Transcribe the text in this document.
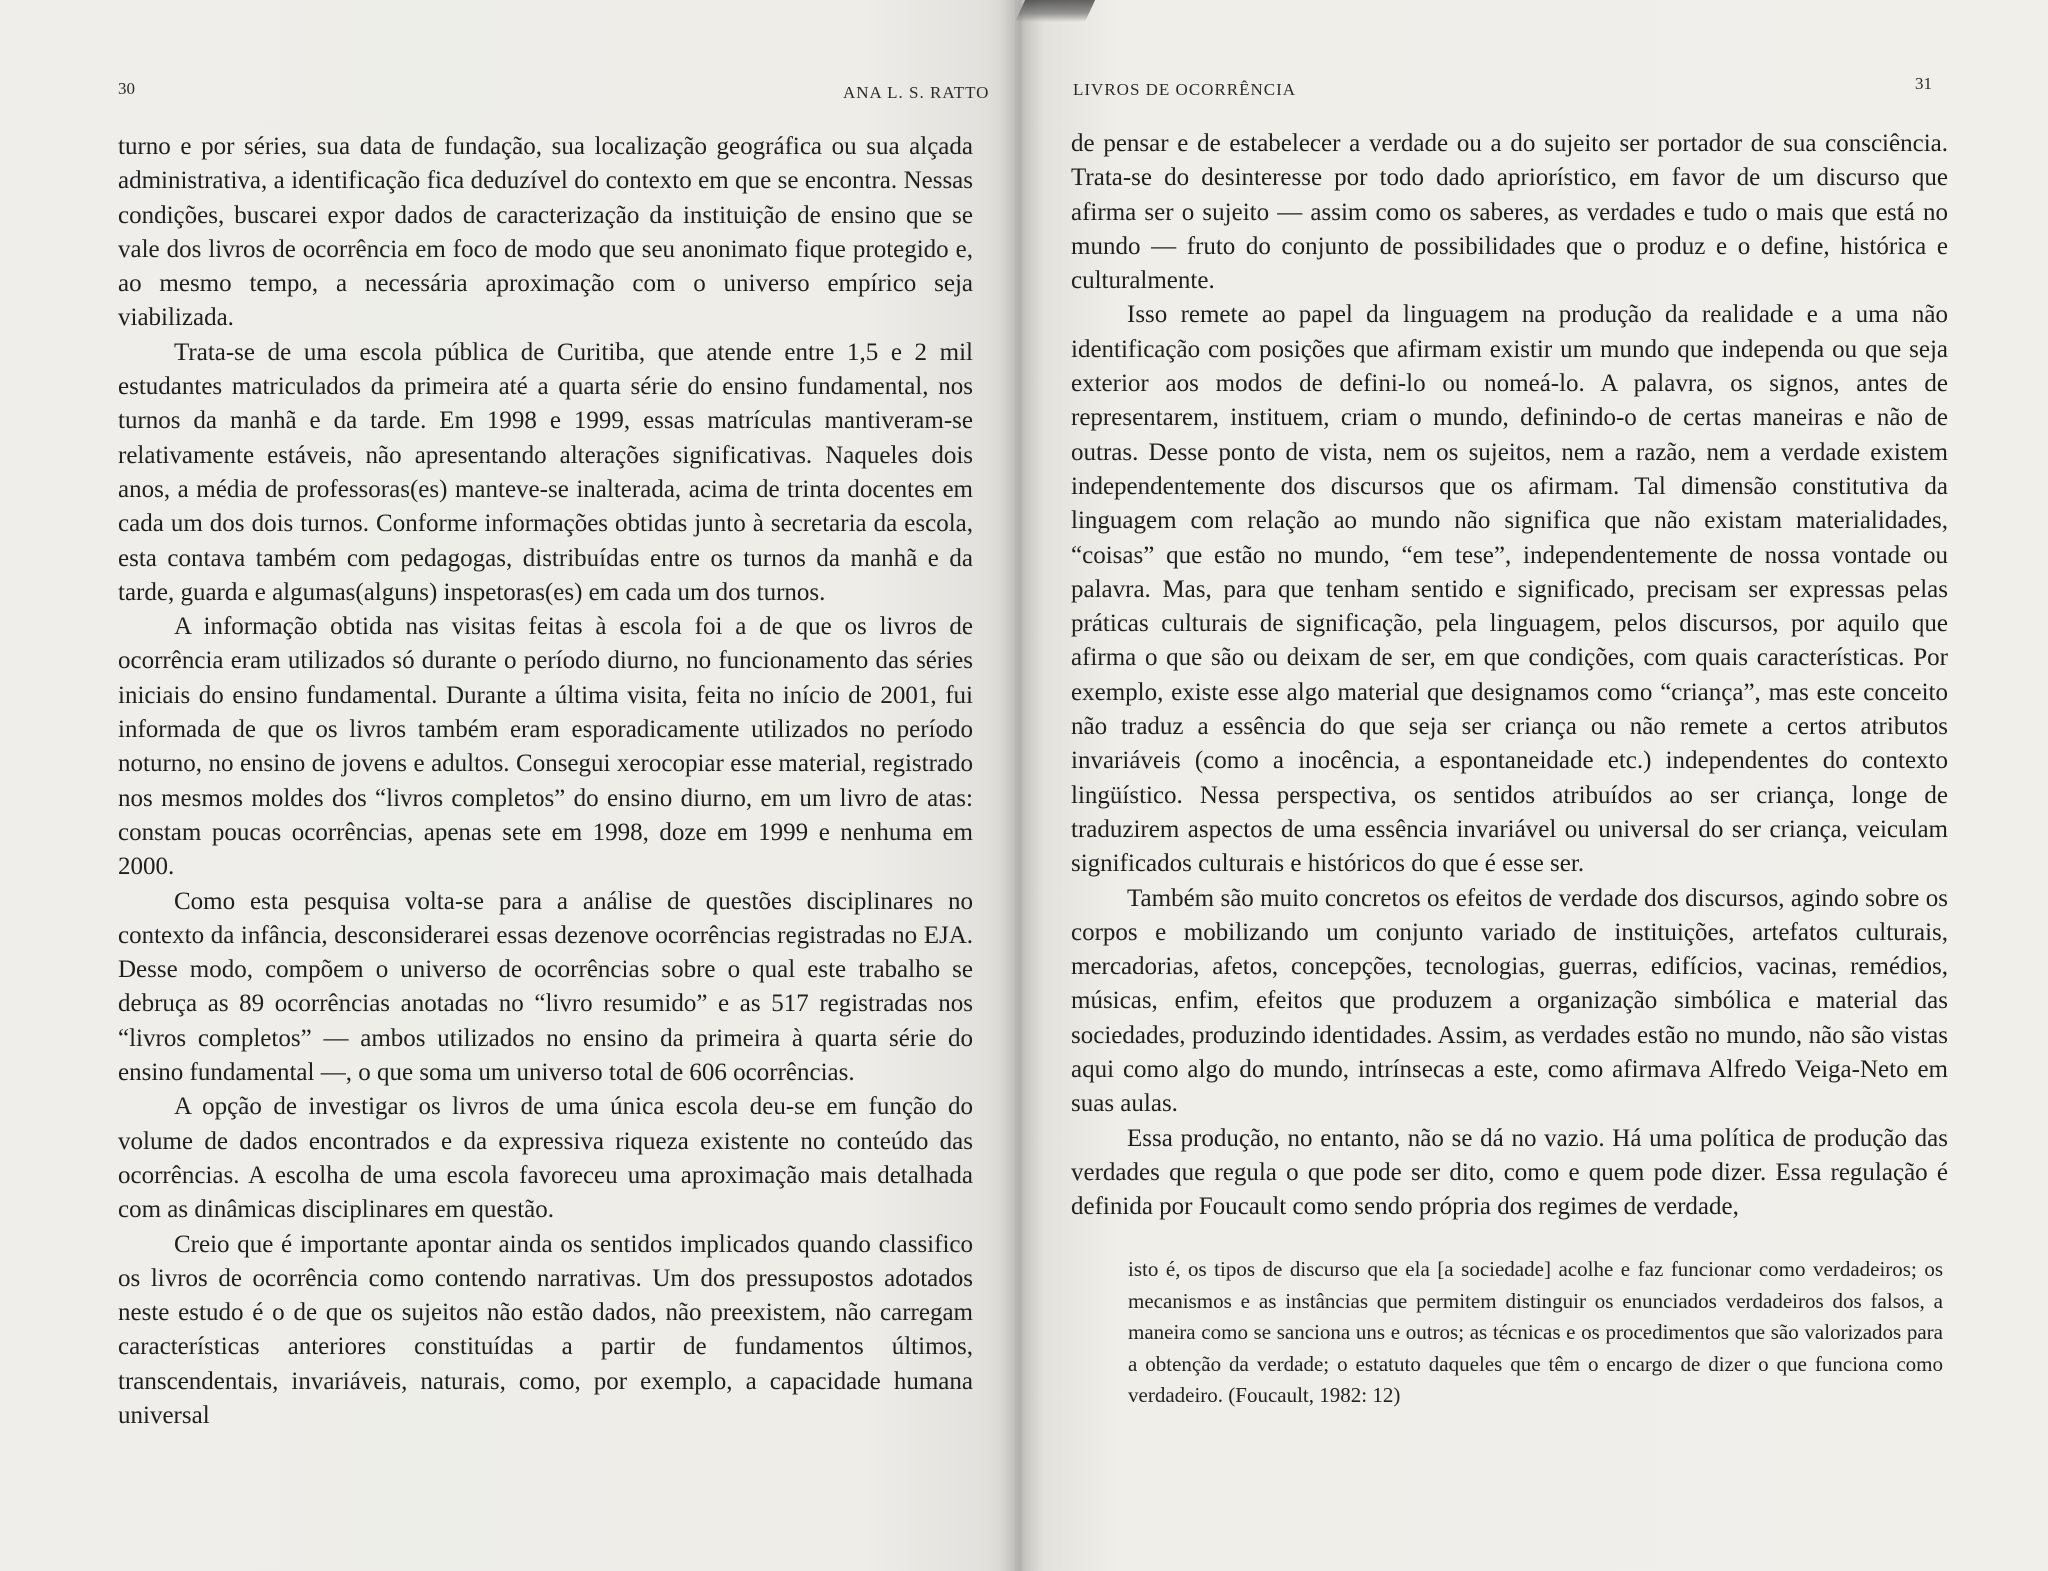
30	ANA L. S. RATTO

turno e por séries, sua data de fundação, sua localização geográfica ou sua alçada administrativa, a identificação fica deduzível do contexto em que se encontra. Nessas condições, buscarei expor dados de caracterização da instituição de ensino que se vale dos livros de ocorrência em foco de modo que seu anonimato fique protegido e, ao mesmo tempo, a necessária aproximação com o universo empírico seja viabilizada.

Trata-se de uma escola pública de Curitiba, que atende entre 1,5 e 2 mil estudantes matriculados da primeira até a quarta série do ensino fundamental, nos turnos da manhã e da tarde. Em 1998 e 1999, essas matrículas mantiveram-se relativamente estáveis, não apresentando alterações significativas. Naqueles dois anos, a média de professoras(es) manteve-se inalterada, acima de trinta docentes em cada um dos dois turnos. Conforme informações obtidas junto à secretaria da escola, esta contava também com pedagogas, distribuídas entre os turnos da manhã e da tarde, guarda e algumas(alguns) inspetoras(es) em cada um dos turnos.

A informação obtida nas visitas feitas à escola foi a de que os livros de ocorrência eram utilizados só durante o período diurno, no funcionamento das séries iniciais do ensino fundamental. Durante a última visita, feita no início de 2001, fui informada de que os livros também eram esporadicamente utilizados no período noturno, no ensino de jovens e adultos. Consegui xerocopiar esse material, registrado nos mesmos moldes dos “livros completos” do ensino diurno, em um livro de atas: constam poucas ocorrências, apenas sete em 1998, doze em 1999 e nenhuma em 2000.

Como esta pesquisa volta-se para a análise de questões disciplinares no contexto da infância, desconsiderarei essas dezenove ocorrências registradas no EJA. Desse modo, compõem o universo de ocorrências sobre o qual este trabalho se debruça as 89 ocorrências anotadas no “livro resumido” e as 517 registradas nos “livros completos” — ambos utilizados no ensino da primeira à quarta série do ensino fundamental —, o que soma um universo total de 606 ocorrências.

A opção de investigar os livros de uma única escola deu-se em função do volume de dados encontrados e da expressiva riqueza existente no conteúdo das ocorrências. A escolha de uma escola favoreceu uma aproximação mais detalhada com as dinâmicas disciplinares em questão.

Creio que é importante apontar ainda os sentidos implicados quando classifico os livros de ocorrência como contendo narrativas. Um dos pressupostos adotados neste estudo é o de que os sujeitos não estão dados, não preexistem, não carregam características anteriores constituídas a partir de fundamentos últimos, transcendentais, invariáveis, naturais, como, por exemplo, a capacidade humana universal

LIVROS DE OCORRÊNCIA	31

de pensar e de estabelecer a verdade ou a do sujeito ser portador de sua consciência. Trata-se do desinteresse por todo dado apriorístico, em favor de um discurso que afirma ser o sujeito — assim como os saberes, as verdades e tudo o mais que está no mundo — fruto do conjunto de possibilidades que o produz e o define, histórica e culturalmente.

Isso remete ao papel da linguagem na produção da realidade e a uma não identificação com posições que afirmam existir um mundo que independa ou que seja exterior aos modos de defini-lo ou nomeá-lo. A palavra, os signos, antes de representarem, instituem, criam o mundo, definindo-o de certas maneiras e não de outras. Desse ponto de vista, nem os sujeitos, nem a razão, nem a verdade existem independentemente dos discursos que os afirmam. Tal dimensão constitutiva da linguagem com relação ao mundo não significa que não existam materialidades, “coisas” que estão no mundo, “em tese”, independentemente de nossa vontade ou palavra. Mas, para que tenham sentido e significado, precisam ser expressas pelas práticas culturais de significação, pela linguagem, pelos discursos, por aquilo que afirma o que são ou deixam de ser, em que condições, com quais características. Por exemplo, existe esse algo material que designamos como “criança”, mas este conceito não traduz a essência do que seja ser criança ou não remete a certos atributos invariáveis (como a inocência, a espontaneidade etc.) independentes do contexto lingüístico. Nessa perspectiva, os sentidos atribuídos ao ser criança, longe de traduzirem aspectos de uma essência invariável ou universal do ser criança, veiculam significados culturais e históricos do que é esse ser.

Também são muito concretos os efeitos de verdade dos discursos, agindo sobre os corpos e mobilizando um conjunto variado de instituições, artefatos culturais, mercadorias, afetos, concepções, tecnologias, guerras, edifícios, vacinas, remédios, músicas, enfim, efeitos que produzem a organização simbólica e material das sociedades, produzindo identidades. Assim, as verdades estão no mundo, não são vistas aqui como algo do mundo, intrínsecas a este, como afirmava Alfredo Veiga-Neto em suas aulas.

Essa produção, no entanto, não se dá no vazio. Há uma política de produção das verdades que regula o que pode ser dito, como e quem pode dizer. Essa regulação é definida por Foucault como sendo própria dos regimes de verdade,

isto é, os tipos de discurso que ela [a sociedade] acolhe e faz funcionar como verdadeiros; os mecanismos e as instâncias que permitem distinguir os enunciados verdadeiros dos falsos, a maneira como se sanciona uns e outros; as técnicas e os procedimentos que são valorizados para a obtenção da verdade; o estatuto daqueles que têm o encargo de dizer o que funciona como verdadeiro. (Foucault, 1982: 12)
